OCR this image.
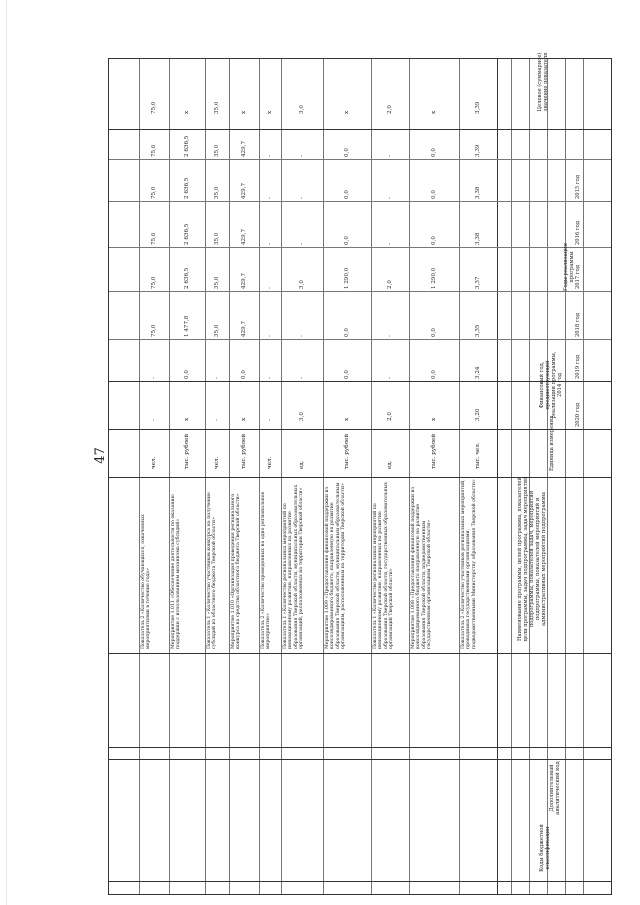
47
Целевое (суммарное) значение показателя
Годы реализации программы
Финансовый год, предшествующий реализации программы, 2014 год
Единица измерения
Наименование программы, целей программы, показателей цели программы, задач подпрограммы, задач мероприятий подпрограммы, показателей задач, мероприятий подпрограммы, показателей мероприятий и административных мероприятий подпрограммы
Дополнительный аналитический код
Коды бюджетной классификации
2015 год
2016 год
2017 год
2018 год
2019 год
2020 год
3,39
3,24
3,35
3,37
3,38
3,38
3,39
3,20
тыс. чел.
Показатель 2 «Количество участников региональных мероприятий, проводимых государственными организациями, подведомственными Министерству образования Тверской области»
х
0,0
0,0
1 290,0
0,0
0,0
0,0
х
тыс. рублей
Мероприятие 1.008 «Предоставление финансовой поддержки из консолидированного бюджета направленную на развитие образования Тверской области, подведомственным государственным организациям Тверской области»
2,0
-
-
2,0
-
-
-
2,0
ед.
Показатель 1 «Количество региональных мероприятий по инновационному развитию, направленных на развитие образования Тверской области, государственных образовательных организаций Тверской области»
х
0,0
0,0
1 290,0
0,0
0,0
0,0
х
тыс. рублей
Мероприятие 1.009 «Предоставление финансовой поддержки из консолидированного бюджета, направленную на развитие образования Тверской области, муниципальным образовательным организациям, расположенным на территории Тверской области»
3,0
-
-
3,0
-
-
-
3,0
ед.
Показатель 1 «Количество региональных мероприятий по инновационному развитию, направленных на развитие образования Тверской области, муниципальных образовательных организаций, расположенных на территории Тверской области»
х
-
-
-
-
-
-
-
чел.
Показатель 2 «Количество проведенных на одно региональное мероприятие»
х
0,0
429,7
429,7
429,7
429,7
429,7
х
тыс. рублей
Мероприятие 1.010 «Организация проведения регионального конкурса на средства областного бюджета Тверской области»
35,0
-
35,0
35,0
35,0
35,0
35,0
-
чел.
Показатель 1 «Количество участников конкурса на получение субсидий из областного бюджета Тверской области»
х
0,0
1 477,8
2 636,5
2 636,5
2 636,5
2 636,5
х
тыс. рублей
Мероприятие 1.011 «Обеспечение деятельности по оказанию поддержки с использованием механизма субсидий»
75,0
-
75,0
75,0
75,0
75,0
75,0
-
чел.
Показатель 2 «Количество обучающихся, охваченных мероприятиями в течение года»
